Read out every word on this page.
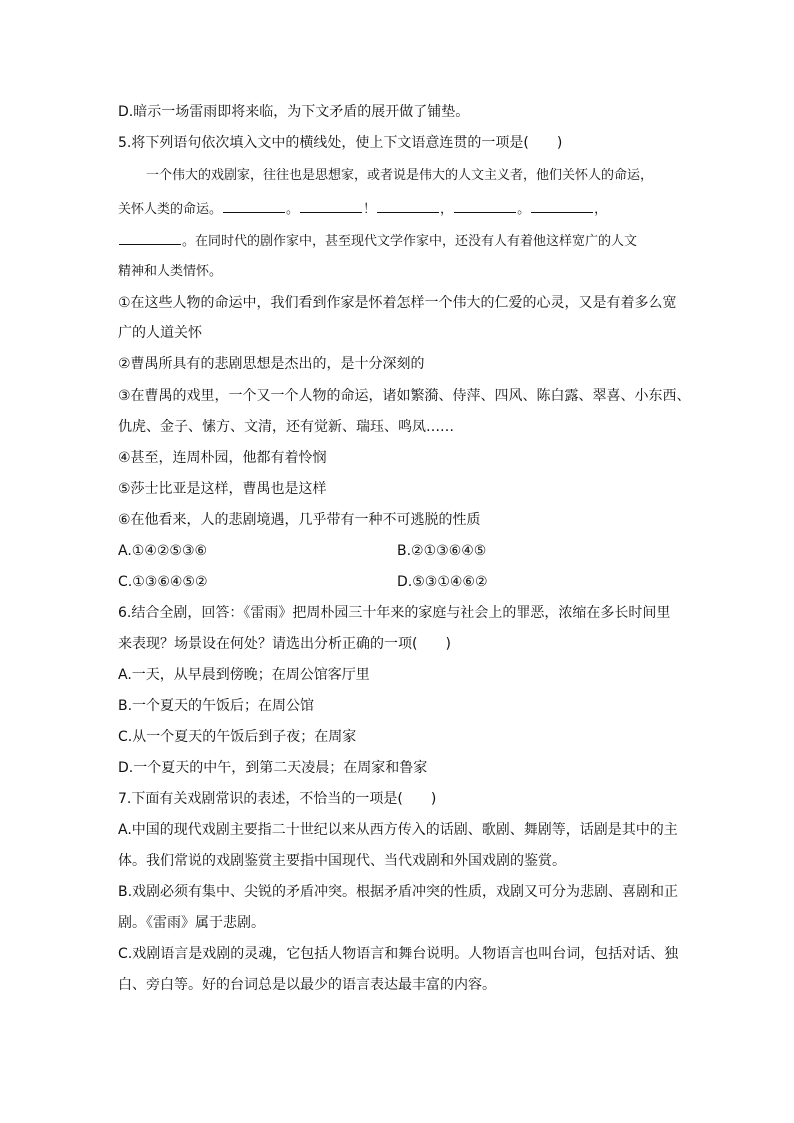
D.暗示一场雷雨即将来临，为下文矛盾的展开做了铺垫。
5.将下列语句依次填入文中的横线处，使上下文语意连贯的一项是(　　)
一个伟大的戏剧家，往往也是思想家，或者说是伟大的人文主义者，他们关怀人的命运，
关怀人类的命运。	。	！	，	。	，
。在同时代的剧作家中，甚至现代文学作家中，还没有人有着他这样宽广的人文
精神和人类情怀。
①在这些人物的命运中，我们看到作家是怀着怎样一个伟大的仁爱的心灵，又是有着多么宽
广的人道关怀
②曹禺所具有的悲剧思想是杰出的，是十分深刻的
③在曹禺的戏里，一个又一个人物的命运，诸如繁漪、侍萍、四风、陈白露、翠喜、小东西、
仇虎、金子、愫方、文清，还有觉新、瑞珏、鸣凤……
④甚至，连周朴园，他都有着怜悯
⑤莎士比亚是这样，曹禺也是这样
⑥在他看来，人的悲剧境遇，几乎带有一种不可逃脱的性质
A.①④②⑤③⑥	B.②①③⑥④⑤
C.①③⑥④⑤②	D.⑤③①④⑥②
6.结合全剧，回答：《雷雨》把周朴园三十年来的家庭与社会上的罪恶，浓缩在多长时间里
来表现？场景设在何处？请选出分析正确的一项(　　)
A.一天，从早晨到傍晚；在周公馆客厅里
B.一个夏天的午饭后；在周公馆
C.从一个夏天的午饭后到子夜；在周家
D.一个夏天的中午，到第二天凌晨；在周家和鲁家
7.下面有关戏剧常识的表述，不恰当的一项是(　　)
A.中国的现代戏剧主要指二十世纪以来从西方传入的话剧、歌剧、舞剧等，话剧是其中的主
体。我们常说的戏剧鉴赏主要指中国现代、当代戏剧和外国戏剧的鉴赏。
B.戏剧必须有集中、尖锐的矛盾冲突。根据矛盾冲突的性质，戏剧又可分为悲剧、喜剧和正
剧。《雷雨》属于悲剧。
C.戏剧语言是戏剧的灵魂，它包括人物语言和舞台说明。人物语言也叫台词，包括对话、独
白、旁白等。好的台词总是以最少的语言表达最丰富的内容。
